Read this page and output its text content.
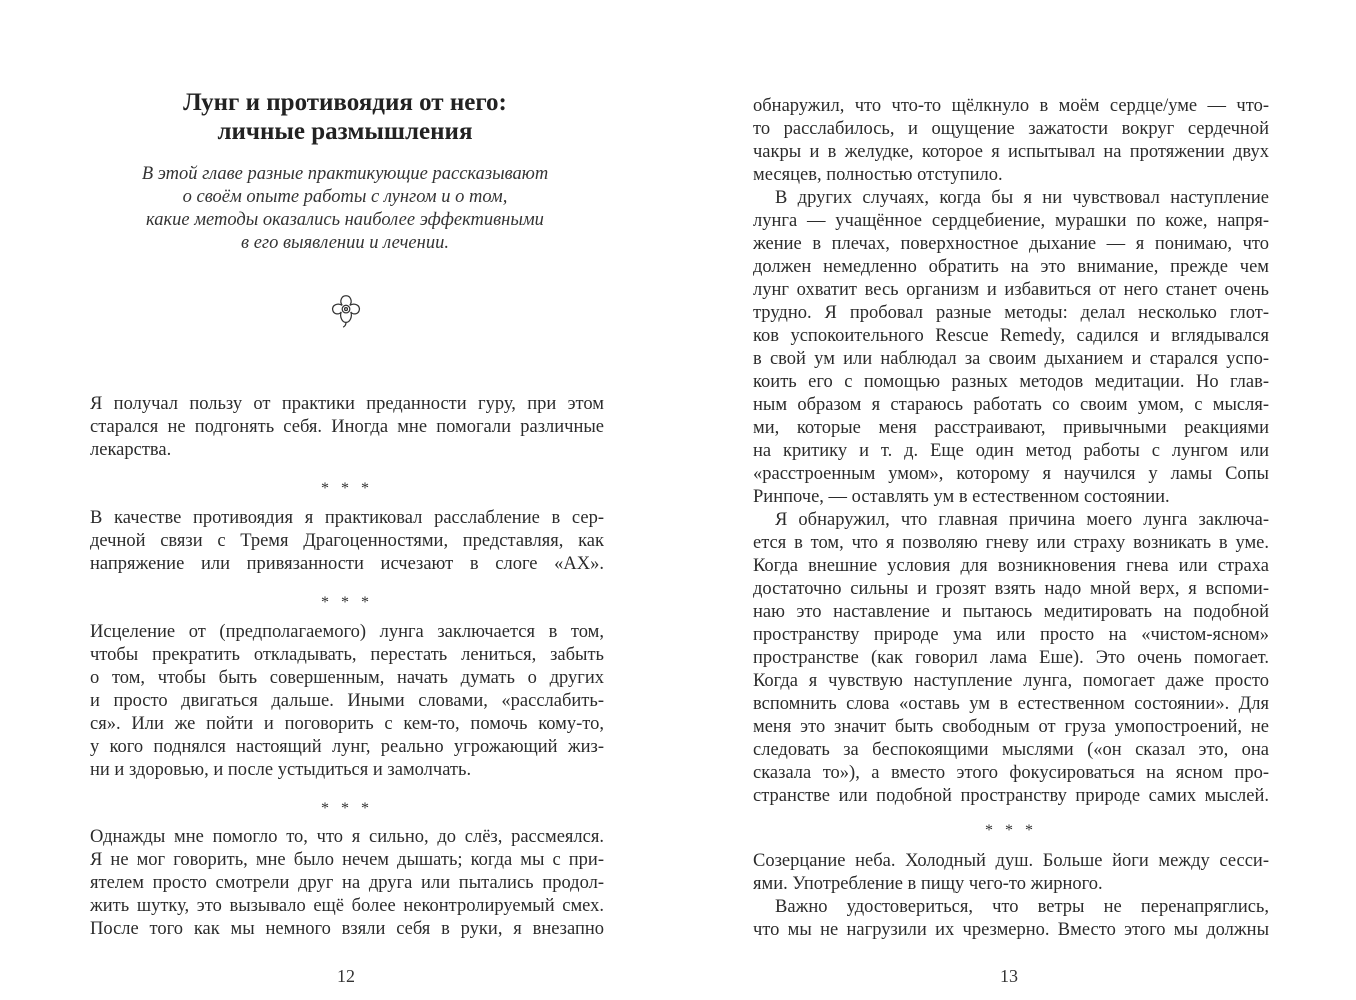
Лунг и противоядия от него:
личные размышления
В этой главе разные практикующие рассказывают
о своём опыте работы с лунгом и о том,
какие методы оказались наиболее эффективными
в его выявлении и лечении.
Я получал пользу от практики преданности гуру, при этом
старался не подгонять себя. Иногда мне помогали различные
лекарства.
* * *
В качестве противоядия я практиковал расслабление в сер-
дечной связи с Тремя Драгоценностями, представляя, как
напряжение или привязанности исчезают в слоге «АХ».
* * *
Исцеление от (предполагаемого) лунга заключается в том,
чтобы прекратить откладывать, перестать лениться, забыть
о том, чтобы быть совершенным, начать думать о других
и просто двигаться дальше. Иными словами, «расслабить-
ся». Или же пойти и поговорить с кем-то, помочь кому-то,
у кого поднялся настоящий лунг, реально угрожающий жиз-
ни и здоровью, и после устыдиться и замолчать.
* * *
Однажды мне помогло то, что я сильно, до слёз, рассмеялся.
Я не мог говорить, мне было нечем дышать; когда мы с при-
ятелем просто смотрели друг на друга или пытались продол-
жить шутку, это вызывало ещё более неконтролируемый смех.
После того как мы немного взяли себя в руки, я внезапно
12
обнаружил, что что-то щёлкнуло в моём сердце/уме — что-
то расслабилось, и ощущение зажатости вокруг сердечной
чакры и в желудке, которое я испытывал на протяжении двух
месяцев, полностью отступило.
В других случаях, когда бы я ни чувствовал наступление
лунга — учащённое сердцебиение, мурашки по коже, напря-
жение в плечах, поверхностное дыхание — я понимаю, что
должен немедленно обратить на это внимание, прежде чем
лунг охватит весь организм и избавиться от него станет очень
трудно. Я пробовал разные методы: делал несколько глот-
ков успокоительного Rescue Remedy, садился и вглядывался
в свой ум или наблюдал за своим дыханием и старался успо-
коить его с помощью разных методов медитации. Но глав-
ным образом я стараюсь работать со своим умом, с мысля-
ми, которые меня расстраивают, привычными реакциями
на критику и т. д. Еще один метод работы с лунгом или
«расстроенным умом», которому я научился у ламы Сопы
Ринпоче, — оставлять ум в естественном состоянии.
Я обнаружил, что главная причина моего лунга заключа-
ется в том, что я позволяю гневу или страху возникать в уме.
Когда внешние условия для возникновения гнева или страха
достаточно сильны и грозят взять надо мной верх, я вспоми-
наю это наставление и пытаюсь медитировать на подобной
пространству природе ума или просто на «чистом-ясном»
пространстве (как говорил лама Еше). Это очень помогает.
Когда я чувствую наступление лунга, помогает даже просто
вспомнить слова «оставь ум в естественном состоянии». Для
меня это значит быть свободным от груза умопостроений, не
следовать за беспокоящими мыслями («он сказал это, она
сказала то»), а вместо этого фокусироваться на ясном про-
странстве или подобной пространству природе самих мыслей.
* * *
Созерцание неба. Холодный душ. Больше йоги между сесси-
ями. Употребление в пищу чего-то жирного.
Важно удостовериться, что ветры не перенапряглись,
что мы не нагрузили их чрезмерно. Вместо этого мы должны
13
